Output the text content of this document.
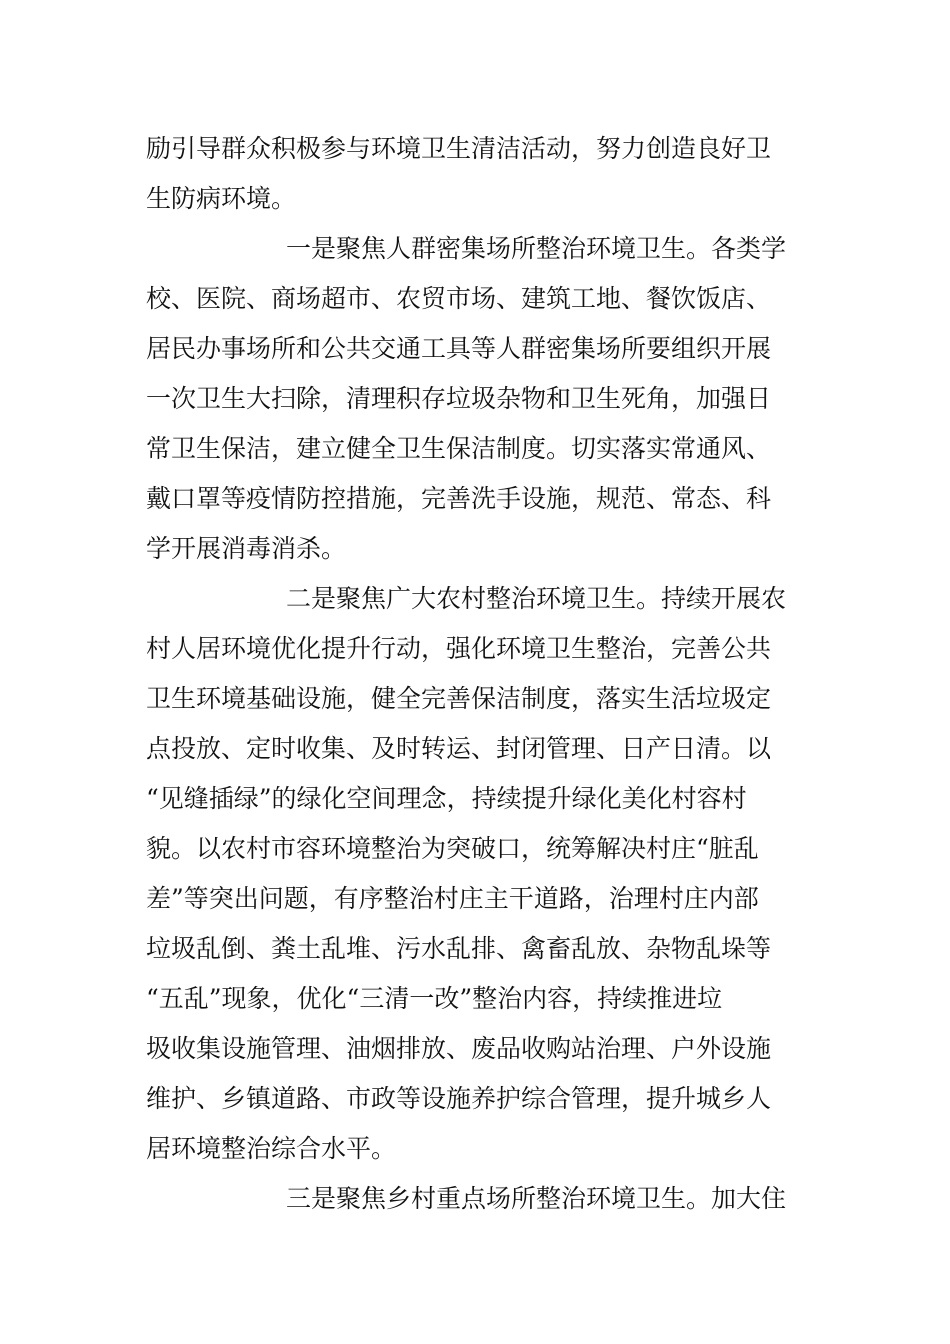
励引导群众积极参与环境卫生清洁活动，努力创造良好卫
生防病环境。
一是聚焦人群密集场所整治环境卫生。各类学
校、医院、商场超市、农贸市场、建筑工地、餐饮饭店、
居民办事场所和公共交通工具等人群密集场所要组织开展
一次卫生大扫除，清理积存垃圾杂物和卫生死角，加强日
常卫生保洁，建立健全卫生保洁制度。切实落实常通风、
戴口罩等疫情防控措施，完善洗手设施，规范、常态、科
学开展消毒消杀。
二是聚焦广大农村整治环境卫生。持续开展农
村人居环境优化提升行动，强化环境卫生整治，完善公共
卫生环境基础设施，健全完善保洁制度，落实生活垃圾定
点投放、定时收集、及时转运、封闭管理、日产日清。以
“见缝插绿”的绿化空间理念，持续提升绿化美化村容村
貌。以农村市容环境整治为突破口，统筹解决村庄“脏乱
差”等突出问题，有序整治村庄主干道路，治理村庄内部
垃圾乱倒、粪土乱堆、污水乱排、禽畜乱放、杂物乱垛等
“五乱”现象，优化“三清一改”整治内容，持续推进垃
圾收集设施管理、油烟排放、废品收购站治理、户外设施
维护、乡镇道路、市政等设施养护综合管理，提升城乡人
居环境整治综合水平。
三是聚焦乡村重点场所整治环境卫生。加大住
